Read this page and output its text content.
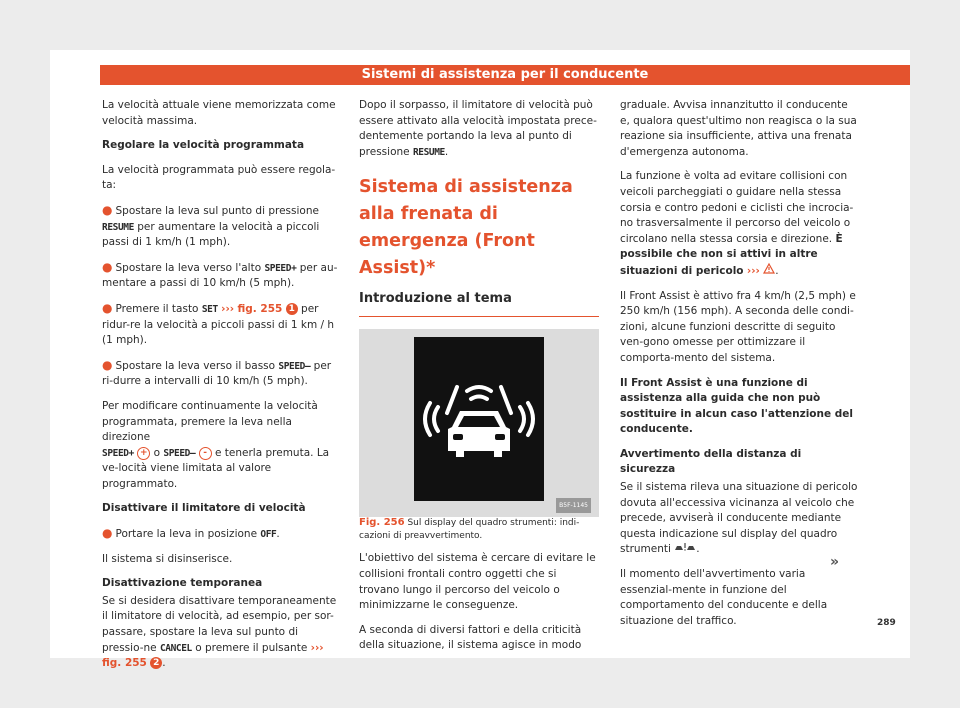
Sistemi di assistenza per il conducente

La velocità attuale viene memorizzata come velocità massima.

Regolare la velocità programmata

La velocità programmata può essere regola-ta:

● Spostare la leva sul punto di pressione
RESUME per aumentare la velocità a piccoli passi di 1 km/h (1 mph).

● Spostare la leva verso l'alto SPEED+ per au-mentare a passi di 10 km/h (5 mph).

● Premere il tasto SET ››› fig. 255 1 per ridur-re la velocità a piccoli passi di 1 km / h (1 mph).

● Spostare la leva verso il basso SPEED– per ri-durre a intervalli di 10 km/h (5 mph).

Per modificare continuamente la velocità programmata, premere la leva nella direzione
SPEED+ + o SPEED– - e tenerla premuta. La ve-locità viene limitata al valore programmato.

Disattivare il limitatore di velocità

● Portare la leva in posizione OFF.

Il sistema si disinserisce.

Disattivazione temporanea

Se si desidera disattivare temporaneamente il limitatore di velocità, ad esempio, per sor-passare, spostare la leva sul punto di pressio-ne CANCEL o premere il pulsante ››› fig. 255 2 .

Dopo il sorpasso, il limitatore di velocità può essere attivato alla velocità impostata prece-dentemente portando la leva al punto di pressione RESUME.

Sistema di assistenza alla frenata di emergenza (Front Assist)*
Introduzione al tema
B5F-1145

Fig. 256 Sul display del quadro strumenti: indi-cazioni di preavvertimento.

L'obiettivo del sistema è cercare di evitare le collisioni frontali contro oggetti che si trovano lungo il percorso del veicolo o minimizzarne le conseguenze.

A seconda di diversi fattori e della criticità della situazione, il sistema agisce in modo

graduale. Avvisa innanzitutto il conducente e, qualora quest'ultimo non reagisca o la sua reazione sia insufficiente, attiva una frenata d'emergenza autonoma.

La funzione è volta ad evitare collisioni con veicoli parcheggiati o guidare nella stessa corsia e contro pedoni e ciclisti che incrocia-no trasversalmente il percorso del veicolo o circolano nella stessa corsia e direzione. È possibile che non si attivi in altre situazioni di pericolo ››› .

Il Front Assist è attivo fra 4 km/h (2,5 mph) e 250 km/h (156 mph). A seconda delle condi-zioni, alcune funzioni descritte di seguito ven-gono omesse per ottimizzare il comporta-mento del sistema.

Il Front Assist è una funzione di assistenza alla guida che non può sostituire in alcun caso l'attenzione del conducente.

Avvertimento della distanza di sicurezza

Se il sistema rileva una situazione di pericolo dovuta all'eccessiva vicinanza al veicolo che precede, avviserà il conducente mediante questa indicazione sul display del quadro strumenti .

Il momento dell'avvertimento varia essenzial-mente in funzione del comportamento del conducente e della situazione del traffico.

»
289
